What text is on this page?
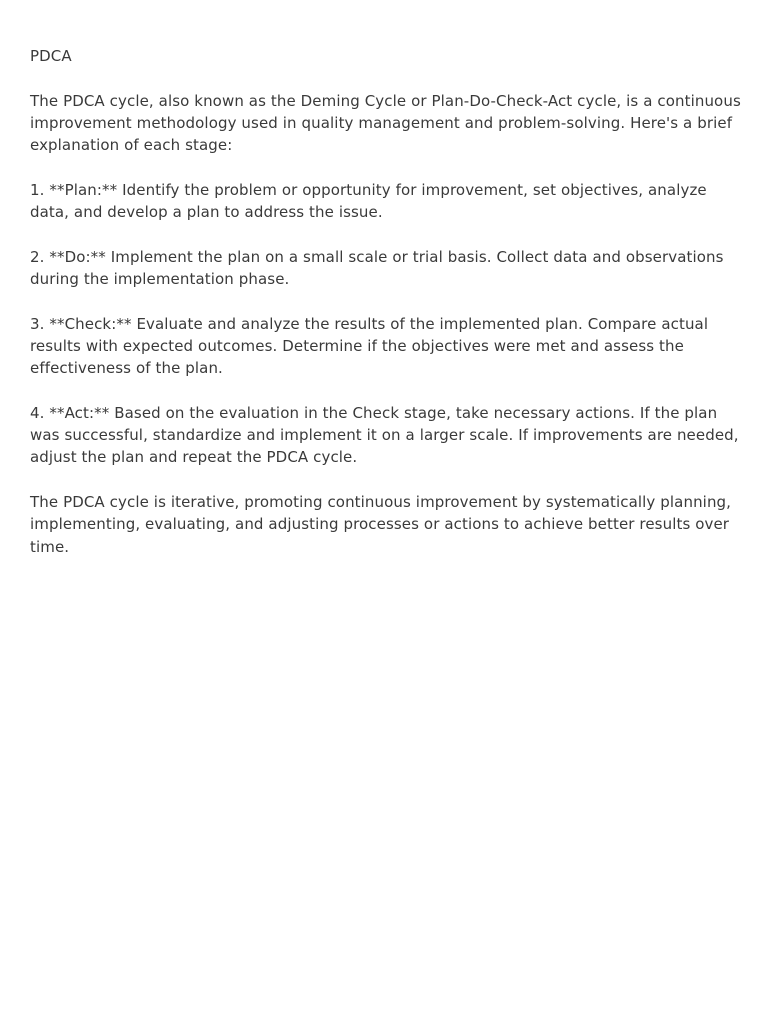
PDCA

The PDCA cycle, also known as the Deming Cycle or Plan-Do-Check-Act cycle, is a continuous improvement methodology used in quality management and problem-solving. Here's a brief explanation of each stage:

1. **Plan:** Identify the problem or opportunity for improvement, set objectives, analyze data, and develop a plan to address the issue.

2. **Do:** Implement the plan on a small scale or trial basis. Collect data and observations during the implementation phase.

3. **Check:** Evaluate and analyze the results of the implemented plan. Compare actual results with expected outcomes. Determine if the objectives were met and assess the effectiveness of the plan.

4. **Act:** Based on the evaluation in the Check stage, take necessary actions. If the plan was successful, standardize and implement it on a larger scale. If improvements are needed, adjust the plan and repeat the PDCA cycle.

The PDCA cycle is iterative, promoting continuous improvement by systematically planning, implementing, evaluating, and adjusting processes or actions to achieve better results over time.
